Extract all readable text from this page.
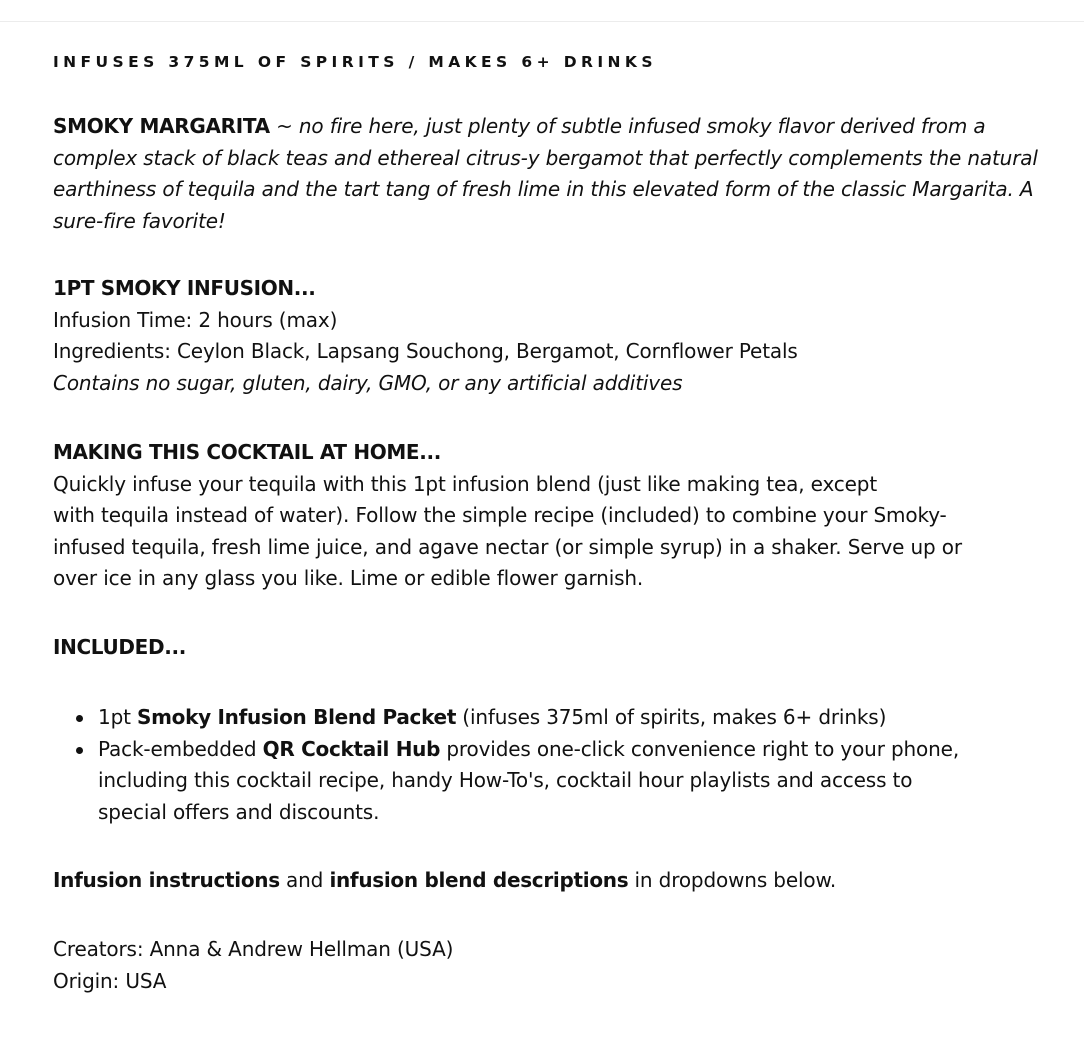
INFUSES 375ML OF SPIRITS / MAKES 6+ DRINKS
SMOKY MARGARITA ~ no fire here, just plenty of subtle infused smoky flavor derived from a complex stack of black teas and ethereal citrus-y bergamot that perfectly complements the natural earthiness of tequila and the tart tang of fresh lime in this elevated form of the classic Margarita. A sure-fire favorite!
1PT SMOKY INFUSION...
Infusion Time: 2 hours (max)
Ingredients: Ceylon Black, Lapsang Souchong, Bergamot, Cornflower Petals
Contains no sugar, gluten, dairy, GMO, or any artificial additives
MAKING THIS COCKTAIL AT HOME...
Quickly infuse your tequila with this 1pt infusion blend (just like making tea, except
with tequila instead of water). Follow the simple recipe (included) to combine your Smoky-
infused tequila, fresh lime juice, and agave nectar (or simple syrup) in a shaker. Serve up or
over ice in any glass you like. Lime or edible flower garnish.
INCLUDED...
1pt Smoky Infusion Blend Packet (infuses 375ml of spirits, makes 6+ drinks)
Pack-embedded QR Cocktail Hub provides one-click convenience right to your phone,
including this cocktail recipe, handy How-To's, cocktail hour playlists and access to
special offers and discounts.
Infusion instructions and infusion blend descriptions in dropdowns below.
Creators: Anna & Andrew Hellman (USA)
Origin: USA
